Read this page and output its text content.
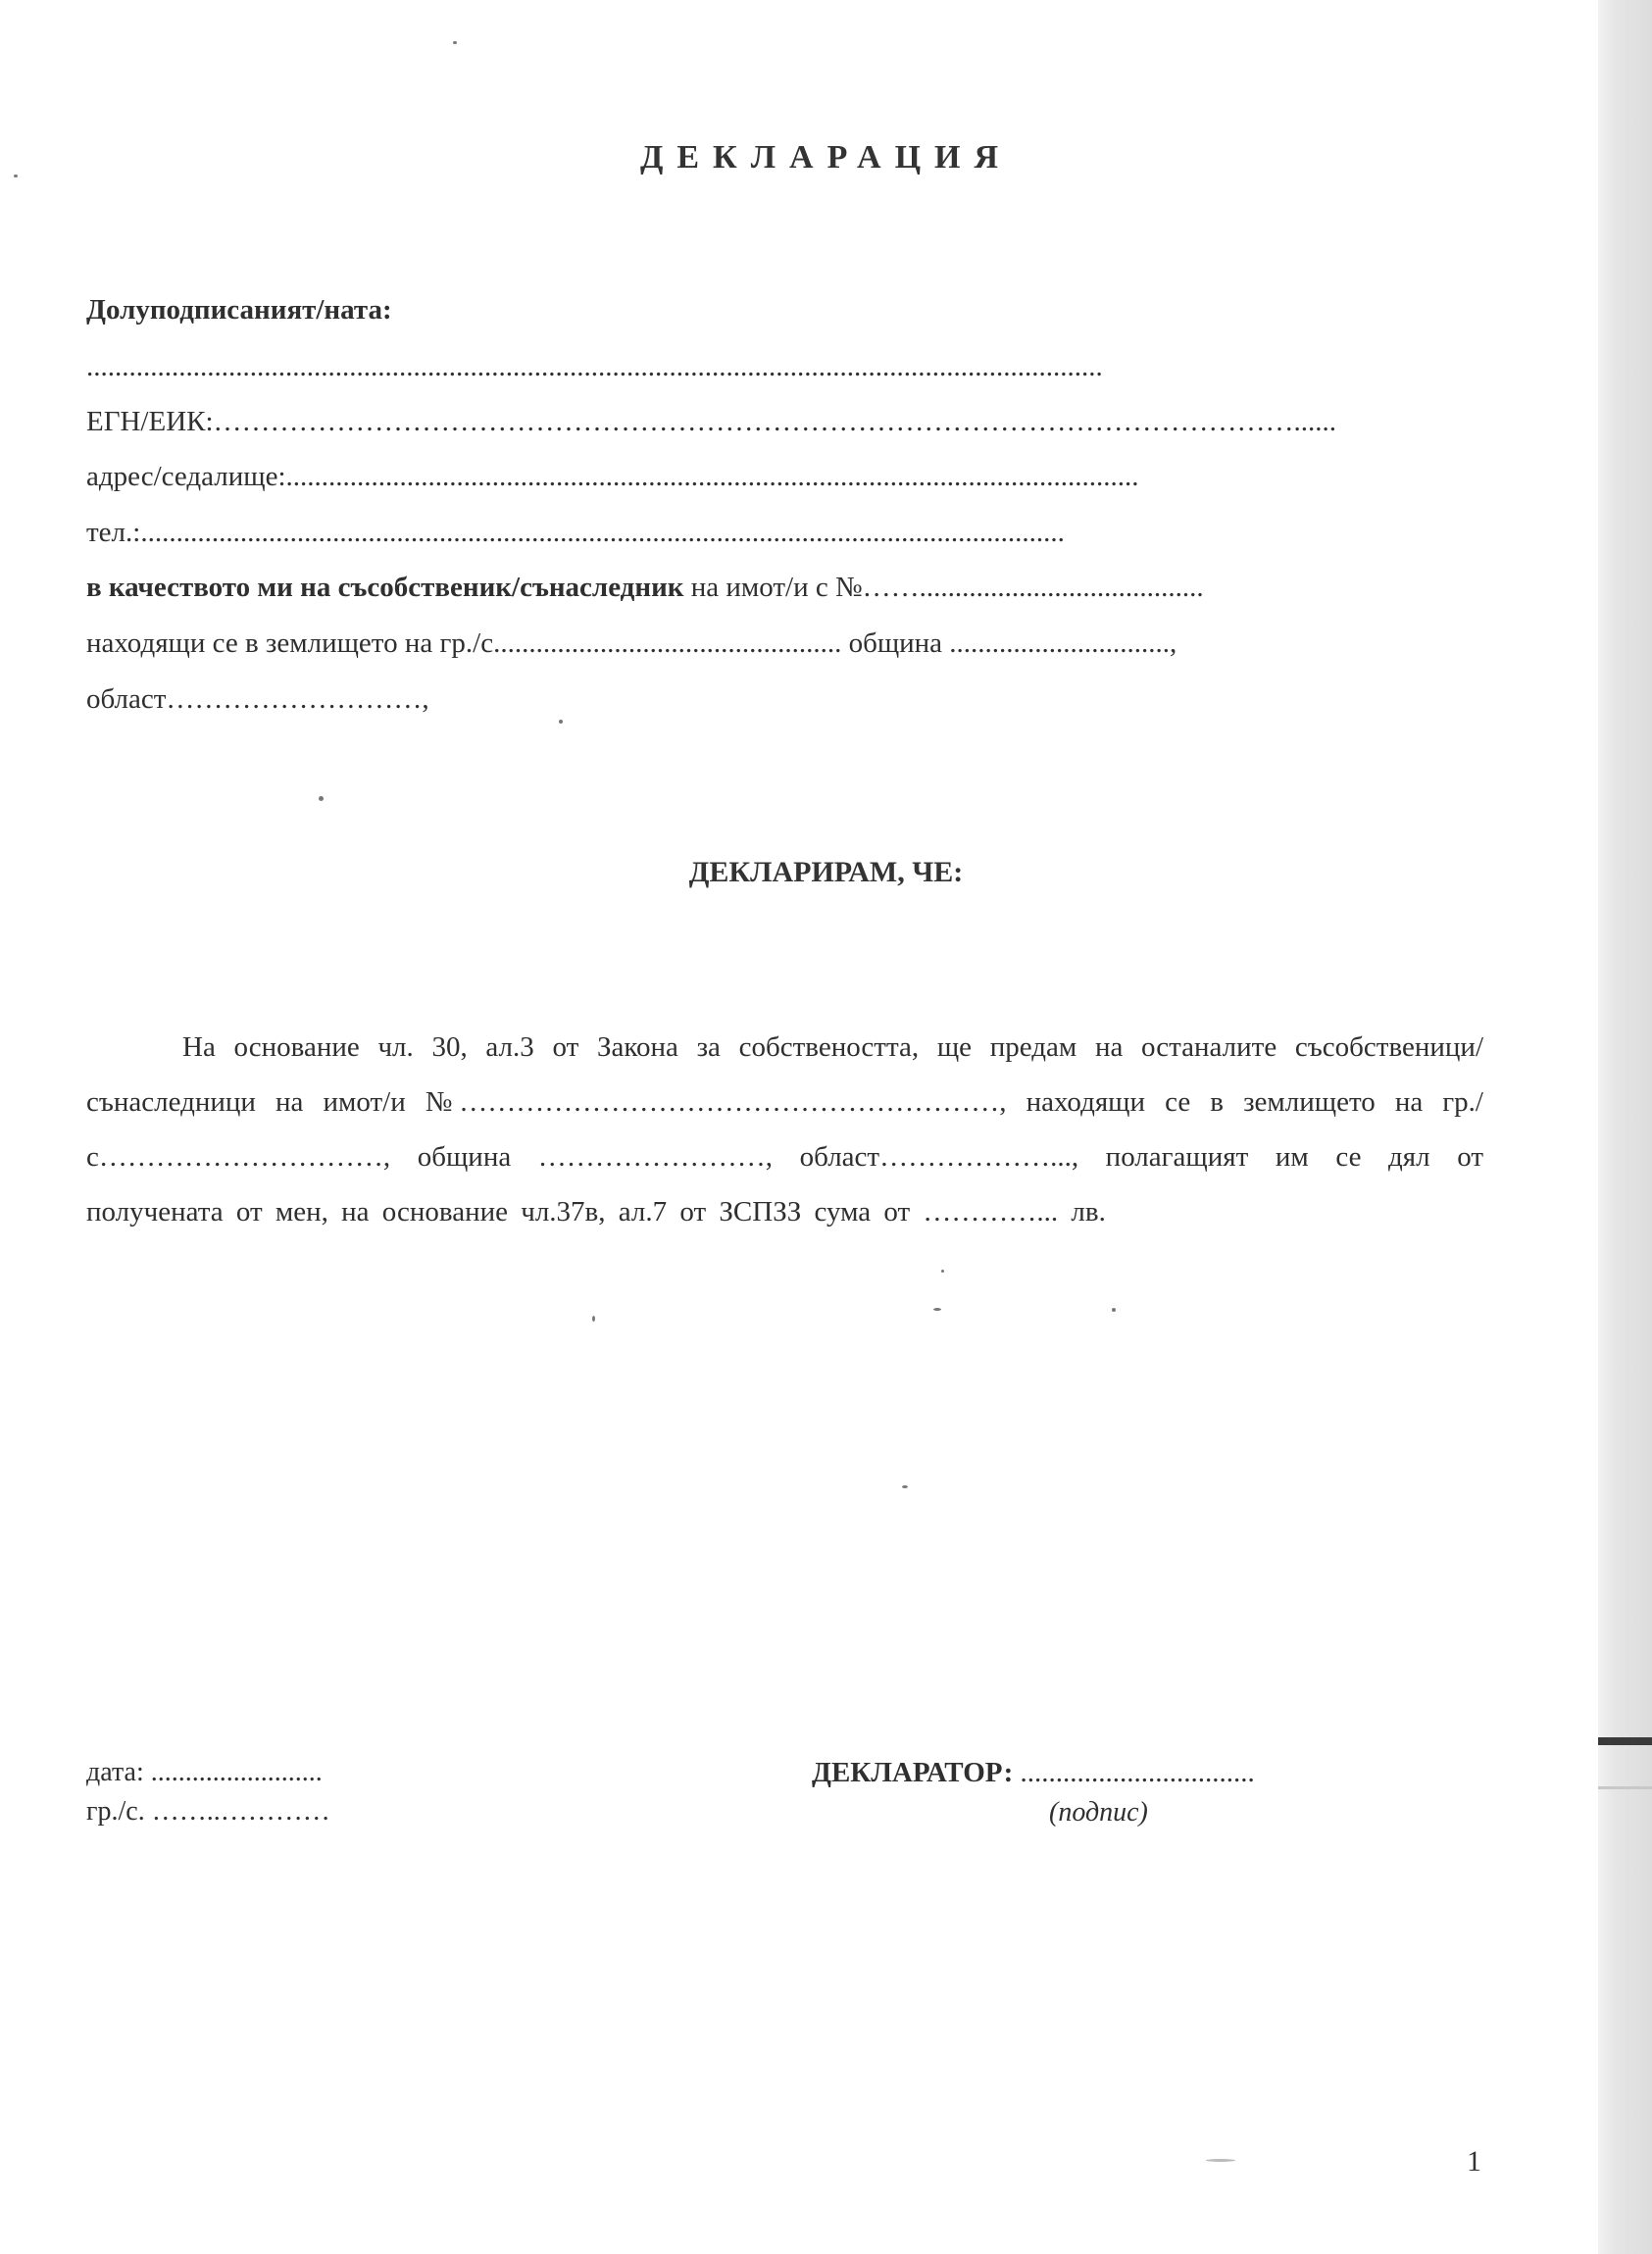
ДЕКЛАРАЦИЯ
Долуподписаният/ната:
...............................................................................................................................................
ЕГН/ЕИК:……………………………………………………………………………………………………......
адрес/седалище:........................................................................................................................
тел.:..................................................................................................................................
в качеството ми на съсобственик/сънаследник на имот/и с №……........................................
находящи се в землището на гр./с................................................. община ...............................,
област………………………,
ДЕКЛАРИРАМ, ЧЕ:
На основание чл. 30, ал.3 от Закона за собствеността, ще предам на останалите съсобственици/сънаследници на имот/и №…………………………………………………, находящи се в землището на гр./с…………………………, община ……………………, област………………..., полагащият им се дял от получената от мен, на основание чл.37в, ал.7 от ЗСПЗЗ сума от …………... лв.
дата: .........................
гр./с. ……..…………
ДЕКЛАРАТОР: .................................
(подпис)
1
